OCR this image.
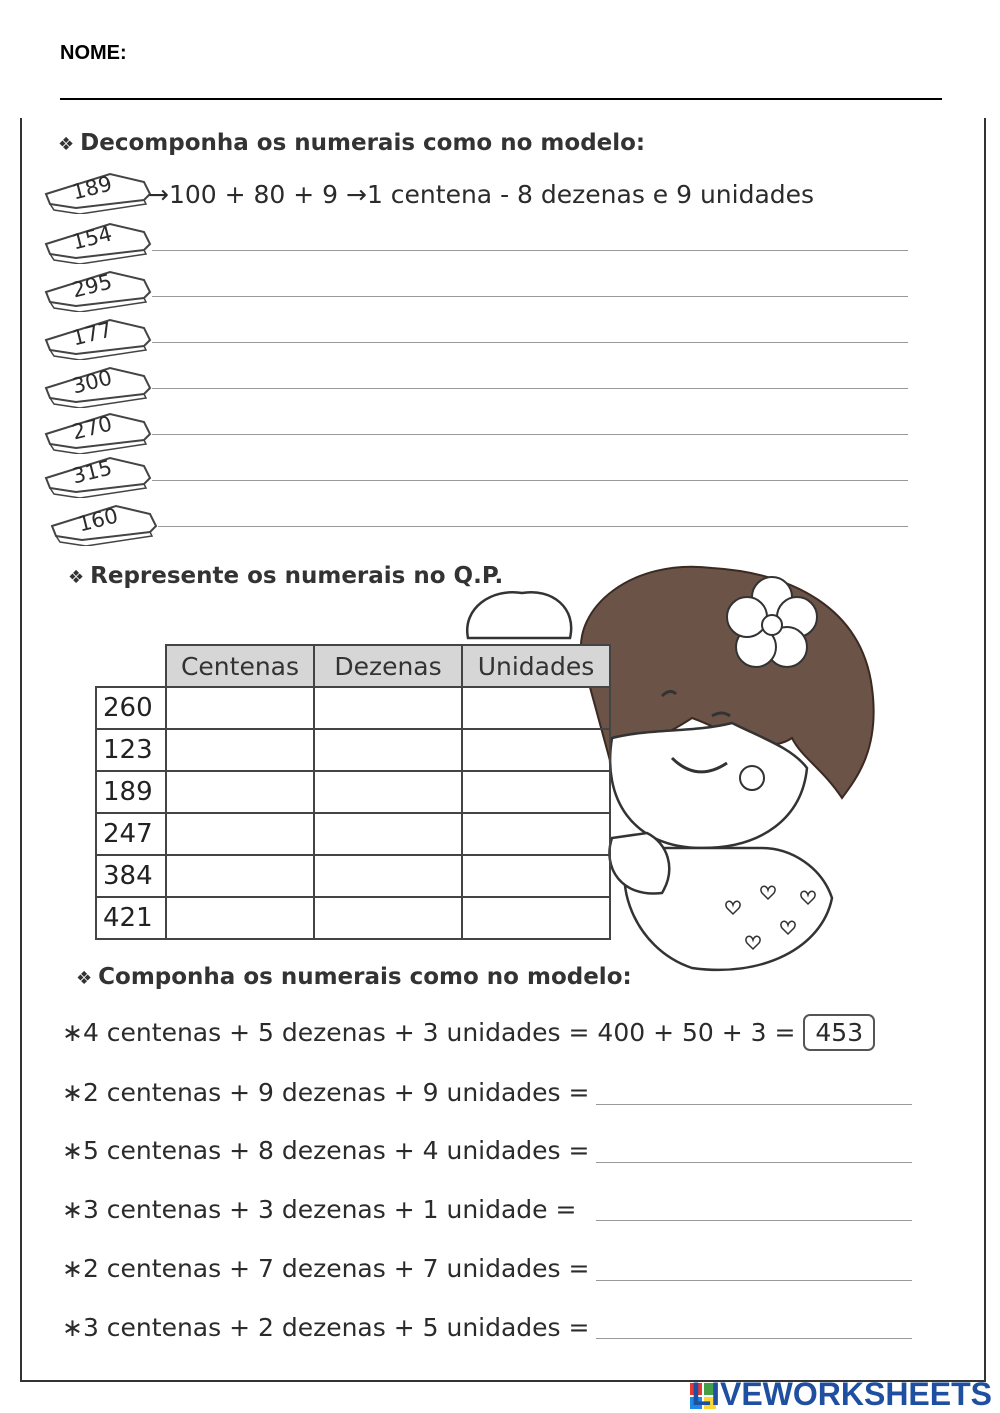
NOME:
❖ Decomponha os numerais como no modelo:
189 →100 + 80 + 9 →1 centena - 8 dezenas e 9 unidades
154
295
177
300
270
315
160
❖ Represente os numerais no Q.P.
	Centenas	Dezenas	Unidades
260			
123			
189			
247			
384			
421			
❖ Componha os numerais como no modelo:
∗4 centenas + 5 dezenas + 3 unidades = 400 + 50 + 3 = 453
∗2 centenas + 9 dezenas + 9 unidades =
∗5 centenas + 8 dezenas + 4 unidades =
∗3 centenas + 3 dezenas + 1 unidade =
∗2 centenas + 7 dezenas + 7 unidades =
∗3 centenas + 2 dezenas + 5 unidades =
LIVEWORKSHEETS
